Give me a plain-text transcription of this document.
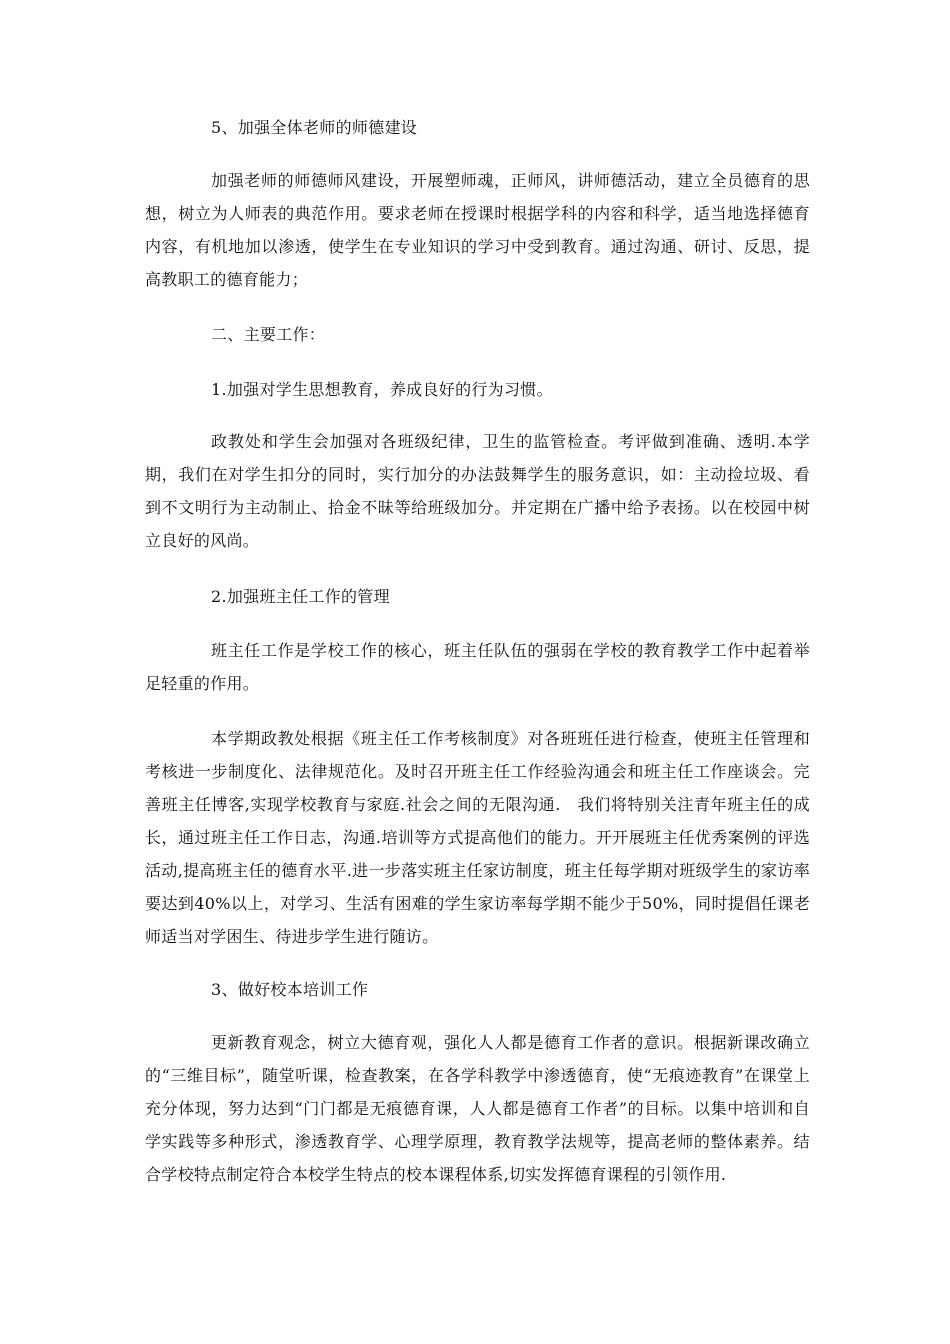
5、加强全体老师的师德建设

加强老师的师德师风建设，开展塑师魂，正师风，讲师德活动，建立全员德育的思想，树立为人师表的典范作用。要求老师在授课时根据学科的内容和科学，适当地选择德育内容，有机地加以渗透，使学生在专业知识的学习中受到教育。通过沟通、研讨、反思，提高教职工的德育能力；

二、主要工作：

1.加强对学生思想教育，养成良好的行为习惯。

政教处和学生会加强对各班级纪律，卫生的监管检查。考评做到准确、透明.本学期，我们在对学生扣分的同时，实行加分的办法鼓舞学生的服务意识，如：主动捡垃圾、看到不文明行为主动制止、拾金不昧等给班级加分。并定期在广播中给予表扬。以在校园中树立良好的风尚。

2.加强班主任工作的管理

班主任工作是学校工作的核心，班主任队伍的强弱在学校的教育教学工作中起着举足轻重的作用。

本学期政教处根据《班主任工作考核制度》对各班班任进行检查，使班主任管理和考核进一步制度化、法律规范化。及时召开班主任工作经验沟通会和班主任工作座谈会。完善班主任博客,实现学校教育与家庭.社会之间的无限沟通.　我们将特别关注青年班主任的成长，通过班主任工作日志，沟通.培训等方式提高他们的能力。开开展班主任优秀案例的评选活动,提高班主任的德育水平.进一步落实班主任家访制度，班主任每学期对班级学生的家访率要达到40%以上，对学习、生活有困难的学生家访率每学期不能少于50%，同时提倡任课老师适当对学困生、待进步学生进行随访。

3、做好校本培训工作

更新教育观念，树立大德育观，强化人人都是德育工作者的意识。根据新课改确立的“三维目标”，随堂听课，检查教案，在各学科教学中渗透德育，使“无痕迹教育”在课堂上充分体现，努力达到“门门都是无痕德育课，人人都是德育工作者”的目标。以集中培训和自学实践等多种形式，渗透教育学、心理学原理，教育教学法规等，提高老师的整体素养。结合学校特点制定符合本校学生特点的校本课程体系,切实发挥德育课程的引领作用.
